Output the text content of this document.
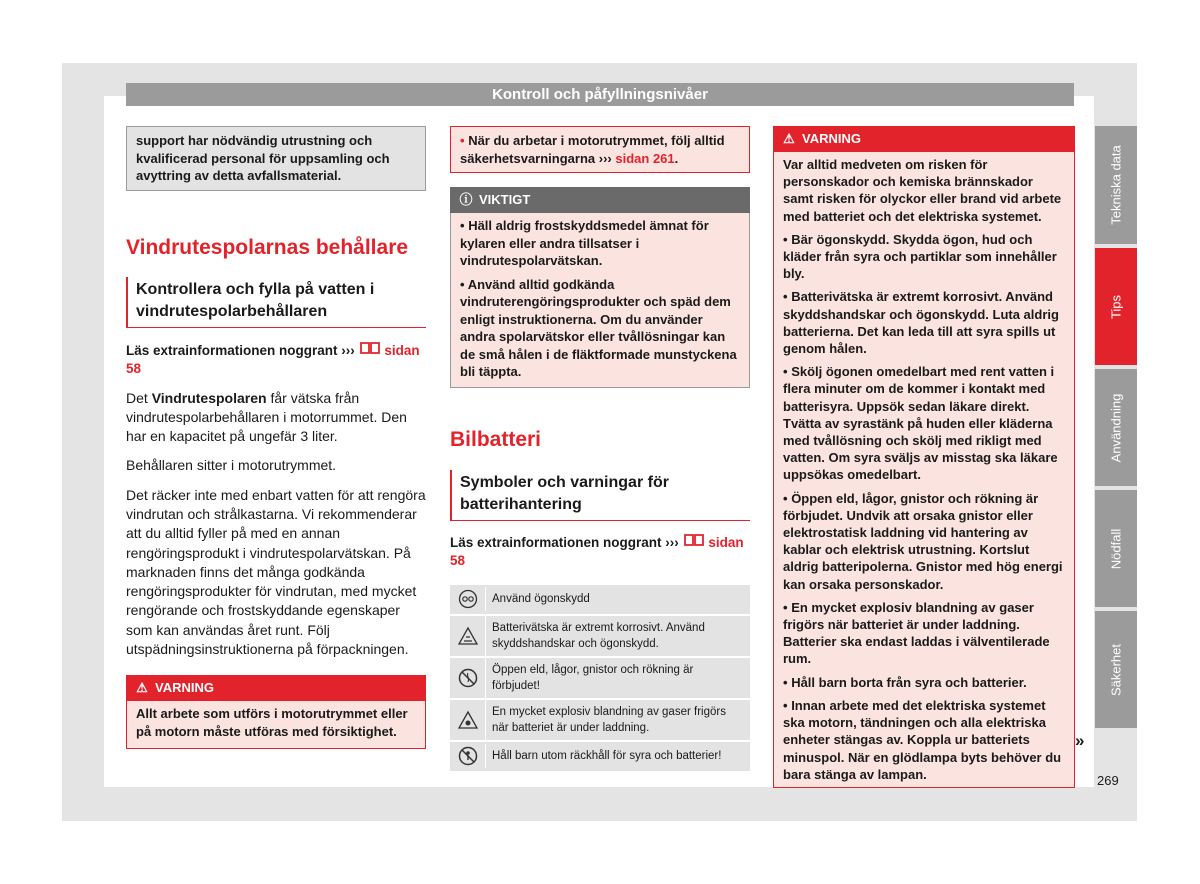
Kontroll och påfyllningsnivåer
support har nödvändig utrustning och kvalificerad personal för uppsamling och avyttring av detta avfallsmaterial.
Vindrutespolarnas behållare
Kontrollera och fylla på vatten i vindrutespolarbehållaren
Läs extrainformationen noggrant ››› sidan 58

Det Vindrutespolaren får vätska från vindrutespolarbehållaren i motorrummet. Den har en kapacitet på ungefär 3 liter.

Behållaren sitter i motorutrymmet.

Det räcker inte med enbart vatten för att rengöra vindrutan och strålkastarna. Vi rekommenderar att du alltid fyller på med en annan rengöringsprodukt i vindrutespolarvätskan. På marknaden finns det många godkända rengöringsprodukter för vindrutan, med mycket rengörande och frostskyddande egenskaper som kan användas året runt. Följ utspädningsinstruktionerna på förpackningen.

⚠ VARNING

Allt arbete som utförs i motorutrymmet eller på motorn måste utföras med försiktighet.

• När du arbetar i motorutrymmet, följ alltid säkerhetsvarningarna ››› sidan 261.
ⓘ VIKTIGT

• Häll aldrig frostskyddsmedel ämnat för kylaren eller andra tillsatser i vindrutespolarvätskan.

• Använd alltid godkända vindruterengöringsprodukter och späd dem enligt instruktionerna. Om du använder andra spolarvätskor eller tvållösningar kan de små hålen i de fläktformade munstyckena bli täppta.

Bilbatteri
Symboler och varningar för batterihantering
Läs extrainformationen noggrant ››› sidan 58
Använd ögonskydd
Batterivätska är extremt korrosivt. Använd skyddshandskar och ögonskydd.
Öppen eld, lågor, gnistor och rökning är förbjudet!
En mycket explosiv blandning av gaser frigörs när batteriet är under laddning.
Håll barn utom räckhåll för syra och batterier!
⚠ VARNING

Var alltid medveten om risken för personskador och kemiska brännskador samt risken för olyckor eller brand vid arbete med batteriet och det elektriska systemet.

• Bär ögonskydd. Skydda ögon, hud och kläder från syra och partiklar som innehåller bly.

• Batterivätska är extremt korrosivt. Använd skyddshandskar och ögonskydd. Luta aldrig batterierna. Det kan leda till att syra spills ut genom hålen.

• Skölj ögonen omedelbart med rent vatten i flera minuter om de kommer i kontakt med batterisyra. Uppsök sedan läkare direkt. Tvätta av syrastänk på huden eller kläderna med tvållösning och skölj med rikligt med vatten. Om syra sväljs av misstag ska läkare uppsökas omedelbart.

• Öppen eld, lågor, gnistor och rökning är förbjudet. Undvik att orsaka gnistor eller elektrostatisk laddning vid hantering av kablar och elektrisk utrustning. Kortslut aldrig batteripolerna. Gnistor med hög energi kan orsaka personskador.

• En mycket explosiv blandning av gaser frigörs när batteriet är under laddning. Batterier ska endast laddas i välventilerade rum.

• Håll barn borta från syra och batterier.

• Innan arbete med det elektriska systemet ska motorn, tändningen och alla elektriska enheter stängas av. Koppla ur batteriets minuspol. När en glödlampa byts behöver du bara stänga av lampan.

»
Tekniska data
Tips
Användning
Nödfall
Säkerhet
269
